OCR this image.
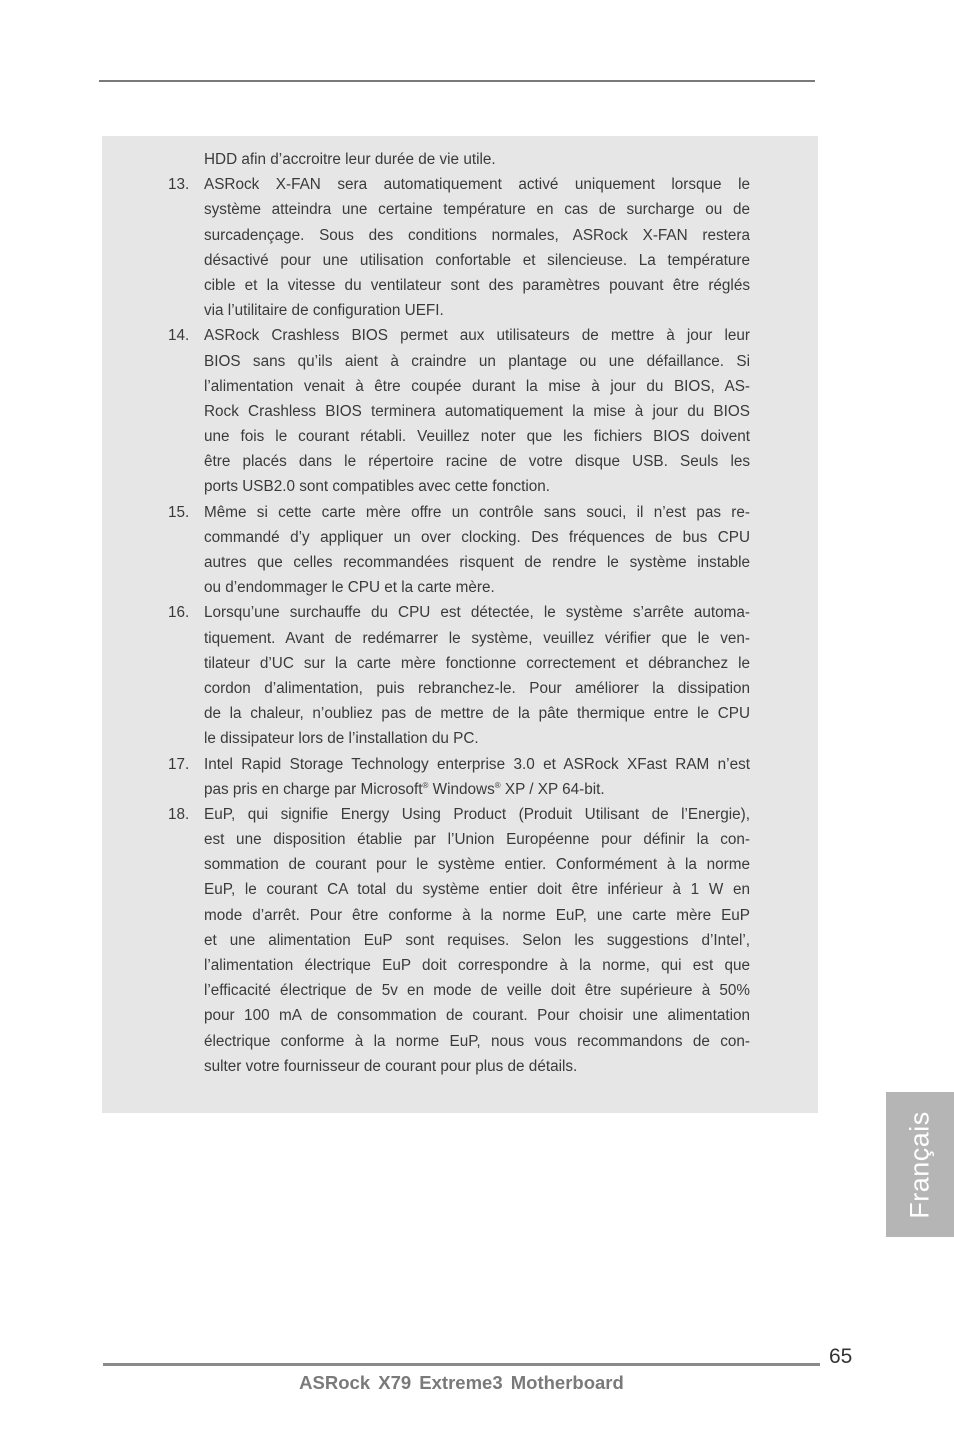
HDD afin d’accroitre leur durée de vie utile.
13. ASRock X-FAN sera automatiquement activé uniquement lorsque le
système atteindra une certaine température en cas de surcharge ou de
surcadençage. Sous des conditions normales, ASRock X-FAN restera
désactivé pour une utilisation confortable et silencieuse. La température
cible et la vitesse du ventilateur sont des paramètres pouvant être réglés
via l’utilitaire de configuration UEFI.
14. ASRock Crashless BIOS permet aux utilisateurs de mettre à jour leur
BIOS sans qu’ils aient à craindre un plantage ou une défaillance. Si
l’alimentation venait à être coupée durant la mise à jour du BIOS, AS-
Rock Crashless BIOS terminera automatiquement la mise à jour du BIOS
une fois le courant rétabli. Veuillez noter que les fichiers BIOS doivent
être placés dans le répertoire racine de votre disque USB. Seuls les
ports USB2.0 sont compatibles avec cette fonction.
15. Même si cette carte mère offre un contrôle sans souci, il n’est pas re-
commandé d’y appliquer un over clocking. Des fréquences de bus CPU
autres que celles recommandées risquent de rendre le système instable
ou d’endommager le CPU et la carte mère.
16. Lorsqu’une surchauffe du CPU est détectée, le système s’arrête automa-
tiquement. Avant de redémarrer le système, veuillez vérifier que le ven-
tilateur d’UC sur la carte mère fonctionne correctement et débranchez le
cordon d’alimentation, puis rebranchez-le. Pour améliorer la dissipation
de la chaleur, n’oubliez pas de mettre de la pâte thermique entre le CPU
le dissipateur lors de l’installation du PC.
17. Intel Rapid Storage Technology enterprise 3.0 et ASRock XFast RAM n’est
pas pris en charge par Microsoft® Windows® XP / XP 64-bit.
18. EuP, qui signifie Energy Using Product (Produit Utilisant de l’Energie),
est une disposition établie par l’Union Européenne pour définir la con-
sommation de courant pour le système entier. Conformément à la norme
EuP, le courant CA total du système entier doit être inférieur à 1 W en
mode d’arrêt. Pour être conforme à la norme EuP, une carte mère EuP
et une alimentation EuP sont requises. Selon les suggestions d’Intel’,
l’alimentation électrique EuP doit correspondre à la norme, qui est que
l’efficacité électrique de 5v en mode de veille doit être supérieure à 50%
pour 100 mA de consommation de courant. Pour choisir une alimentation
électrique conforme à la norme EuP, nous vous recommandons de con-
sulter votre fournisseur de courant pour plus de détails.
Français
65
ASRock X79 Extreme3 Motherboard
